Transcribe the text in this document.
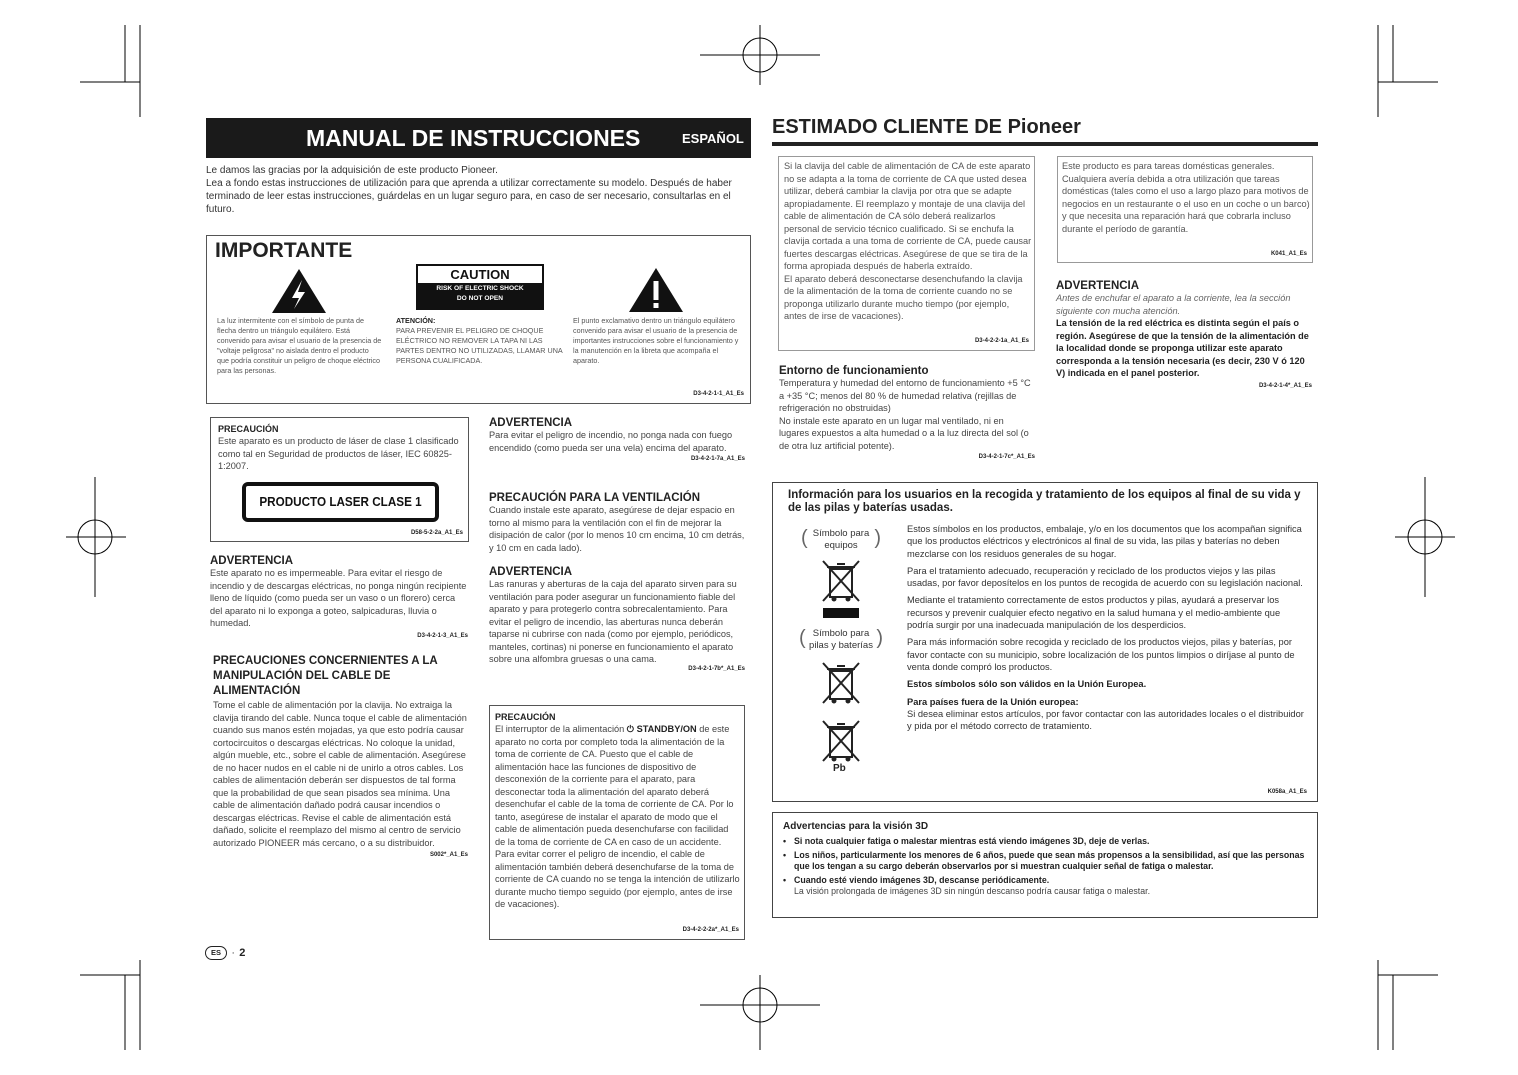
MANUAL DE INSTRUCCIONES	ESPAÑOL
Le damos las gracias por la adquisición de este producto Pioneer.
Lea a fondo estas instrucciones de utilización para que aprenda a utilizar correctamente su modelo. Después de haber terminado de leer estas instrucciones, guárdelas en un lugar seguro para, en caso de ser necesario, consultarlas en el futuro.
IMPORTANTE
CAUTION
RISK OF ELECTRIC SHOCK
DO NOT OPEN
La luz intermitente con el símbolo de punta de flecha dentro un triángulo equilátero. Está convenido para avisar el usuario de la presencia de "voltaje peligrosa" no aislada dentro el producto que podría constituir un peligro de choque eléctrico para las personas.
ATENCIÓN:
PARA PREVENIR EL PELIGRO DE CHOQUE ELÉCTRICO NO REMOVER LA TAPA NI LAS PARTES DENTRO NO UTILIZADAS, LLAMAR UNA PERSONA CUALIFICADA.
El punto exclamativo dentro un triángulo equilátero convenido para avisar el usuario de la presencia de importantes instrucciones sobre el funcionamiento y la manutención en la libreta que acompaña el aparato.
D3-4-2-1-1_A1_Es
PRECAUCIÓN
Este aparato es un producto de láser de clase 1 clasificado como tal en Seguridad de productos de láser, IEC 60825-1:2007.
PRODUCTO LASER CLASE 1
D58-5-2-2a_A1_Es
ADVERTENCIA
Este aparato no es impermeable. Para evitar el riesgo de incendio y de descargas eléctricas, no ponga ningún recipiente lleno de líquido (como pueda ser un vaso o un florero) cerca del aparato ni lo exponga a goteo, salpicaduras, lluvia o humedad.
D3-4-2-1-3_A1_Es
PRECAUCIONES CONCERNIENTES A LA MANIPULACIÓN DEL CABLE DE ALIMENTACIÓN
Tome el cable de alimentación por la clavija. No extraiga la clavija tirando del cable. Nunca toque el cable de alimentación cuando sus manos estén mojadas, ya que esto podría causar cortocircuitos o descargas eléctricas. No coloque la unidad, algún mueble, etc., sobre el cable de alimentación. Asegúrese de no hacer nudos en el cable ni de unirlo a otros cables. Los cables de alimentación deberán ser dispuestos de tal forma que la probabilidad de que sean pisados sea mínima. Una cable de alimentación dañado podrá causar incendios o descargas eléctricas. Revise el cable de alimentación está dañado, solicite el reemplazo del mismo al centro de servicio autorizado PIONEER más cercano, o a su distribuidor.
S002*_A1_Es
ADVERTENCIA
Para evitar el peligro de incendio, no ponga nada con fuego encendido (como pueda ser una vela) encima del aparato.
D3-4-2-1-7a_A1_Es
PRECAUCIÓN PARA LA VENTILACIÓN
Cuando instale este aparato, asegúrese de dejar espacio en torno al mismo para la ventilación con el fin de mejorar la disipación de calor (por lo menos 10 cm encima, 10 cm detrás, y 10 cm en cada lado).
ADVERTENCIA
Las ranuras y aberturas de la caja del aparato sirven para su ventilación para poder asegurar un funcionamiento fiable del aparato y para protegerlo contra sobrecalentamiento. Para evitar el peligro de incendio, las aberturas nunca deberán taparse ni cubrirse con nada (como por ejemplo, periódicos, manteles, cortinas) ni ponerse en funcionamiento el aparato sobre una alfombra gruesas o una cama.
D3-4-2-1-7b*_A1_Es
PRECAUCIÓN
El interruptor de la alimentación ⏻ STANDBY/ON de este aparato no corta por completo toda la alimentación de la toma de corriente de CA. Puesto que el cable de alimentación hace las funciones de dispositivo de desconexión de la corriente para el aparato, para desconectar toda la alimentación del aparato deberá desenchufar el cable de la toma de corriente de CA. Por lo tanto, asegúrese de instalar el aparato de modo que el cable de alimentación pueda desenchufarse con facilidad de la toma de corriente de CA en caso de un accidente. Para evitar correr el peligro de incendio, el cable de alimentación también deberá desenchufarse de la toma de corriente de CA cuando no se tenga la intención de utilizarlo durante mucho tiempo seguido (por ejemplo, antes de irse de vacaciones).
D3-4-2-2-2a*_A1_Es
ES · 2
ESTIMADO CLIENTE DE Pioneer
Si la clavija del cable de alimentación de CA de este aparato no se adapta a la toma de corriente de CA que usted desea utilizar, deberá cambiar la clavija por otra que se adapte apropiadamente. El reemplazo y montaje de una clavija del cable de alimentación de CA sólo deberá realizarlos personal de servicio técnico cualificado. Si se enchufa la clavija cortada a una toma de corriente de CA, puede causar fuertes descargas eléctricas. Asegúrese de que se tira de la forma apropiada después de haberla extraído.
El aparato deberá desconectarse desenchufando la clavija de la alimentación de la toma de corriente cuando no se proponga utilizarlo durante mucho tiempo (por ejemplo, antes de irse de vacaciones).
D3-4-2-2-1a_A1_Es
Este producto es para tareas domésticas generales. Cualquiera avería debida a otra utilización que tareas domésticas (tales como el uso a largo plazo para motivos de negocios en un restaurante o el uso en un coche o un barco) y que necesita una reparación hará que cobrarla incluso durante el período de garantía.
K041_A1_Es
Entorno de funcionamiento
Temperatura y humedad del entorno de funcionamiento +5 °C a +35 °C; menos del 80 % de humedad relativa (rejillas de refrigeración no obstruidas)
No instale este aparato en un lugar mal ventilado, ni en lugares expuestos a alta humedad o a la luz directa del sol (o de otra luz artificial potente).
D3-4-2-1-7c*_A1_Es
ADVERTENCIA
Antes de enchufar el aparato a la corriente, lea la sección siguiente con mucha atención.
La tensión de la red eléctrica es distinta según el país o región. Asegúrese de que la tensión de la alimentación de la localidad donde se proponga utilizar este aparato corresponda a la tensión necesaria (es decir, 230 V ó 120 V) indicada en el panel posterior.
D3-4-2-1-4*_A1_Es
Información para los usuarios en la recogida y tratamiento de los equipos al final de su vida y de las pilas y baterías usadas.
(	)
Símbolo para equipos
(	)
Símbolo para pilas y baterías
Pb
Estos símbolos en los productos, embalaje, y/o en los documentos que los acompañan significa que los productos eléctricos y electrónicos al final de su vida, las pilas y baterías no deben mezclarse con los residuos generales de su hogar.
Para el tratamiento adecuado, recuperación y reciclado de los productos viejos y las pilas usadas, por favor deposítelos en los puntos de recogida de acuerdo con su legislación nacional.
Mediante el tratamiento correctamente de estos productos y pilas, ayudará a preservar los recursos y prevenir cualquier efecto negativo en la salud humana y el medio-ambiente que podría surgir por una inadecuada manipulación de los desperdicios.
Para más información sobre recogida y reciclado de los productos viejos, pilas y baterías, por favor contacte con su municipio, sobre localización de los puntos limpios o diríjase al punto de venta donde compró los productos.
Estos símbolos sólo son válidos en la Unión Europea.
Para países fuera de la Unión europea:
Si desea eliminar estos artículos, por favor contactar con las autoridades locales o el distribuidor y pida por el método correcto de tratamiento.
K058a_A1_Es
Advertencias para la visión 3D
• Si nota cualquier fatiga o malestar mientras está viendo imágenes 3D, deje de verlas.
• Los niños, particularmente los menores de 6 años, puede que sean más propensos a la sensibilidad, así que las personas que los tengan a su cargo deberán observarlos por si muestran cualquier señal de fatiga o malestar.
• Cuando esté viendo imágenes 3D, descanse periódicamente.
La visión prolongada de imágenes 3D sin ningún descanso podría causar fatiga o malestar.
